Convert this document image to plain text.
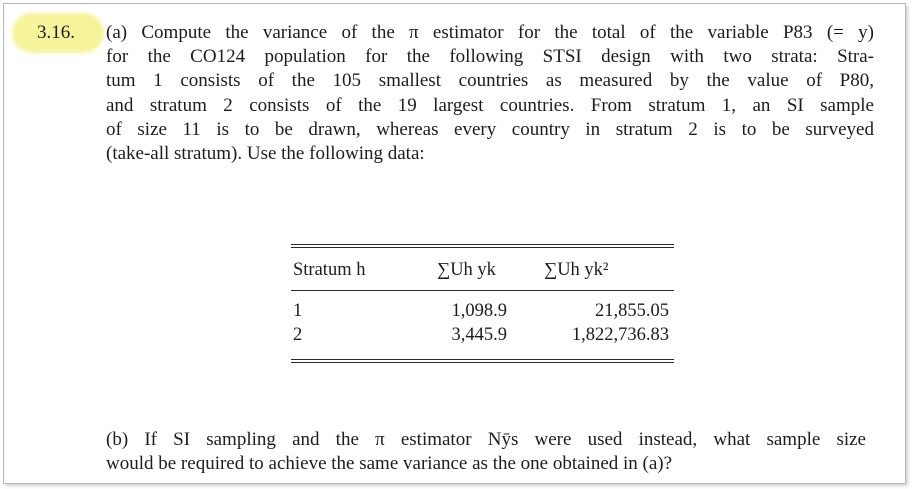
3.16. (a) Compute the variance of the π estimator for the total of the variable P83 (= y)
for the CO124 population for the following STSI design with two strata: Stra-
tum 1 consists of the 105 smallest countries as measured by the value of P80,
and stratum 2 consists of the 19 largest countries. From stratum 1, an SI sample
of size 11 is to be drawn, whereas every country in stratum 2 is to be surveyed
(take-all stratum). Use the following data:
Stratum h	∑Uh yk	∑Uh yk²
1	1,098.9	21,855.05
2	3,445.9	1,822,736.83
(b) If SI sampling and the π estimator Nȳs were used instead, what sample size
would be required to achieve the same variance as the one obtained in (a)?
